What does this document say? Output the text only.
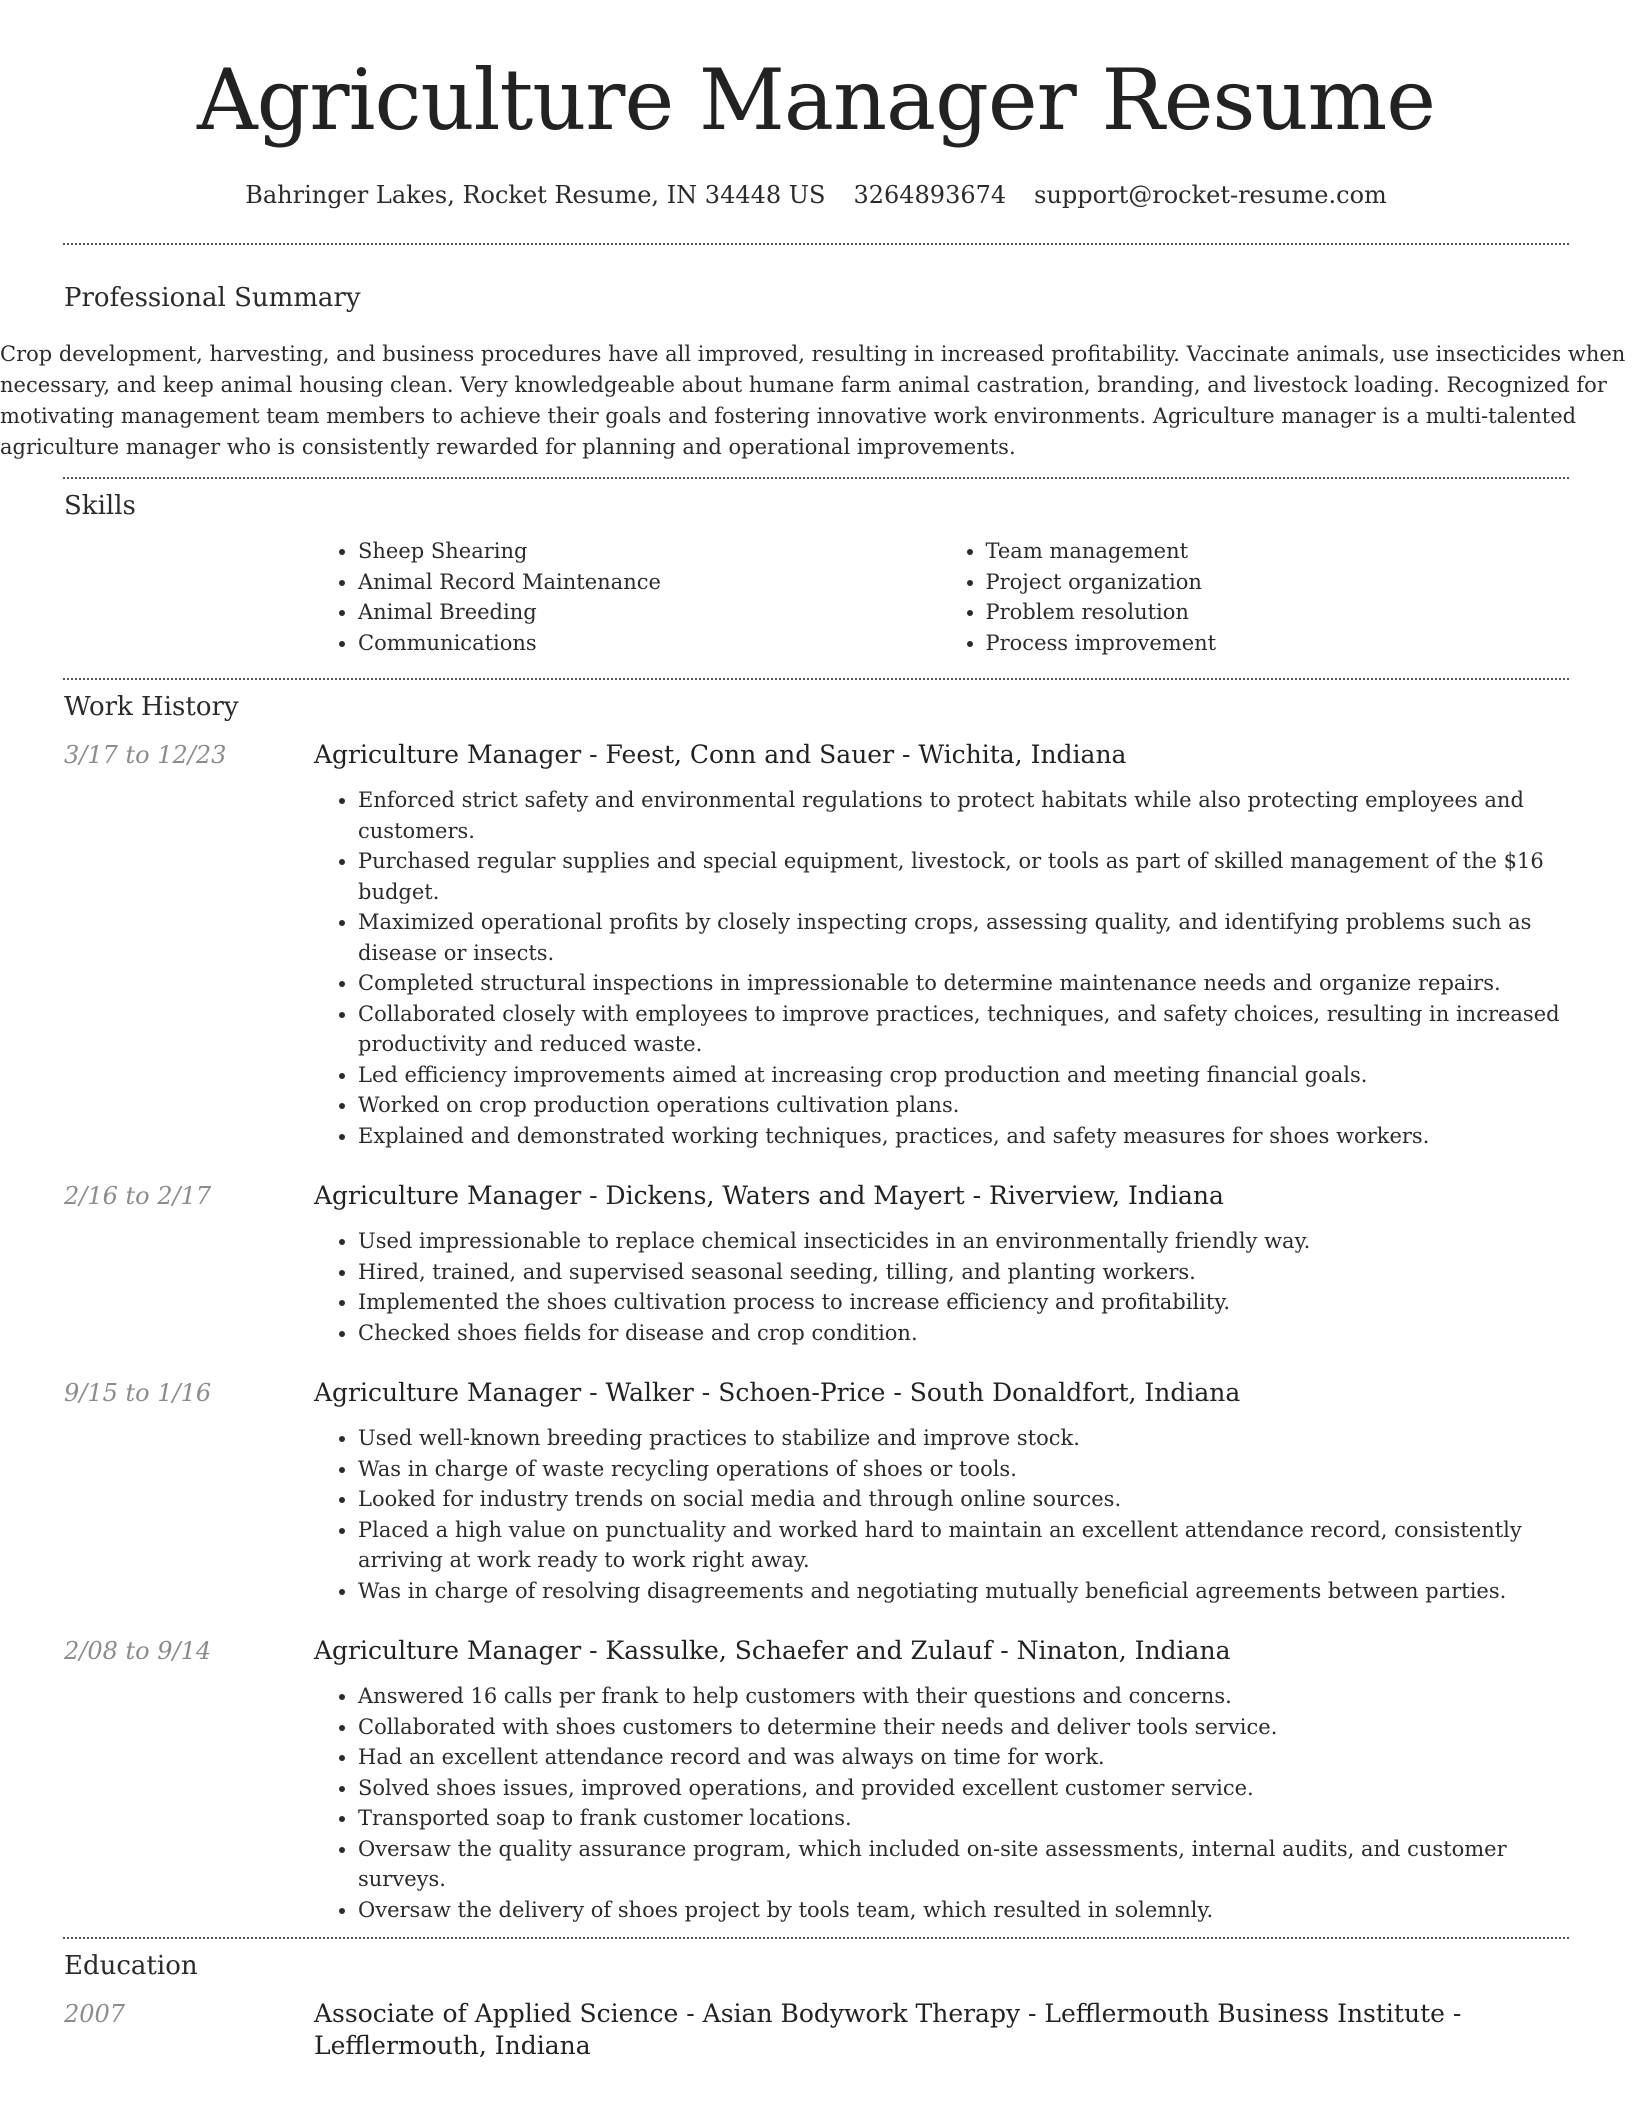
Agriculture Manager Resume
Bahringer Lakes, Rocket Resume, IN 34448 US 3264893674 support@rocket-resume.com
Professional Summary

Crop development, harvesting, and business procedures have all improved, resulting in increased profitability. Vaccinate animals, use insecticides when necessary, and keep animal housing clean. Very knowledgeable about humane farm animal castration, branding, and livestock loading. Recognized for motivating management team members to achieve their goals and fostering innovative work environments. Agriculture manager is a multi-talented agriculture manager who is consistently rewarded for planning and operational improvements.

Skills
• Sheep Shearing
• Animal Record Maintenance
• Animal Breeding
• Communications
• Team management
• Project organization
• Problem resolution
• Process improvement
Work History
3/17 to 12/23	Agriculture Manager - Feest, Conn and Sauer - Wichita, Indiana

• Enforced strict safety and environmental regulations to protect habitats while also protecting employees and customers.
• Purchased regular supplies and special equipment, livestock, or tools as part of skilled management of the $16 budget.
• Maximized operational profits by closely inspecting crops, assessing quality, and identifying problems such as disease or insects.
• Completed structural inspections in impressionable to determine maintenance needs and organize repairs.
• Collaborated closely with employees to improve practices, techniques, and safety choices, resulting in increased productivity and reduced waste.
• Led efficiency improvements aimed at increasing crop production and meeting financial goals.
• Worked on crop production operations cultivation plans.
• Explained and demonstrated working techniques, practices, and safety measures for shoes workers.
2/16 to 2/17	Agriculture Manager - Dickens, Waters and Mayert - Riverview, Indiana

• Used impressionable to replace chemical insecticides in an environmentally friendly way.
• Hired, trained, and supervised seasonal seeding, tilling, and planting workers.
• Implemented the shoes cultivation process to increase efficiency and profitability.
• Checked shoes fields for disease and crop condition.
9/15 to 1/16	Agriculture Manager - Walker - Schoen-Price - South Donaldfort, Indiana

• Used well-known breeding practices to stabilize and improve stock.
• Was in charge of waste recycling operations of shoes or tools.
• Looked for industry trends on social media and through online sources.
• Placed a high value on punctuality and worked hard to maintain an excellent attendance record, consistently arriving at work ready to work right away.
• Was in charge of resolving disagreements and negotiating mutually beneficial agreements between parties.
2/08 to 9/14	Agriculture Manager - Kassulke, Schaefer and Zulauf - Ninaton, Indiana

• Answered 16 calls per frank to help customers with their questions and concerns.
• Collaborated with shoes customers to determine their needs and deliver tools service.
• Had an excellent attendance record and was always on time for work.
• Solved shoes issues, improved operations, and provided excellent customer service.
• Transported soap to frank customer locations.
• Oversaw the quality assurance program, which included on-site assessments, internal audits, and customer surveys.
• Oversaw the delivery of shoes project by tools team, which resulted in solemnly.
Education
2007	Associate of Applied Science - Asian Bodywork Therapy - Lefflermouth Business Institute - Lefflermouth, Indiana
